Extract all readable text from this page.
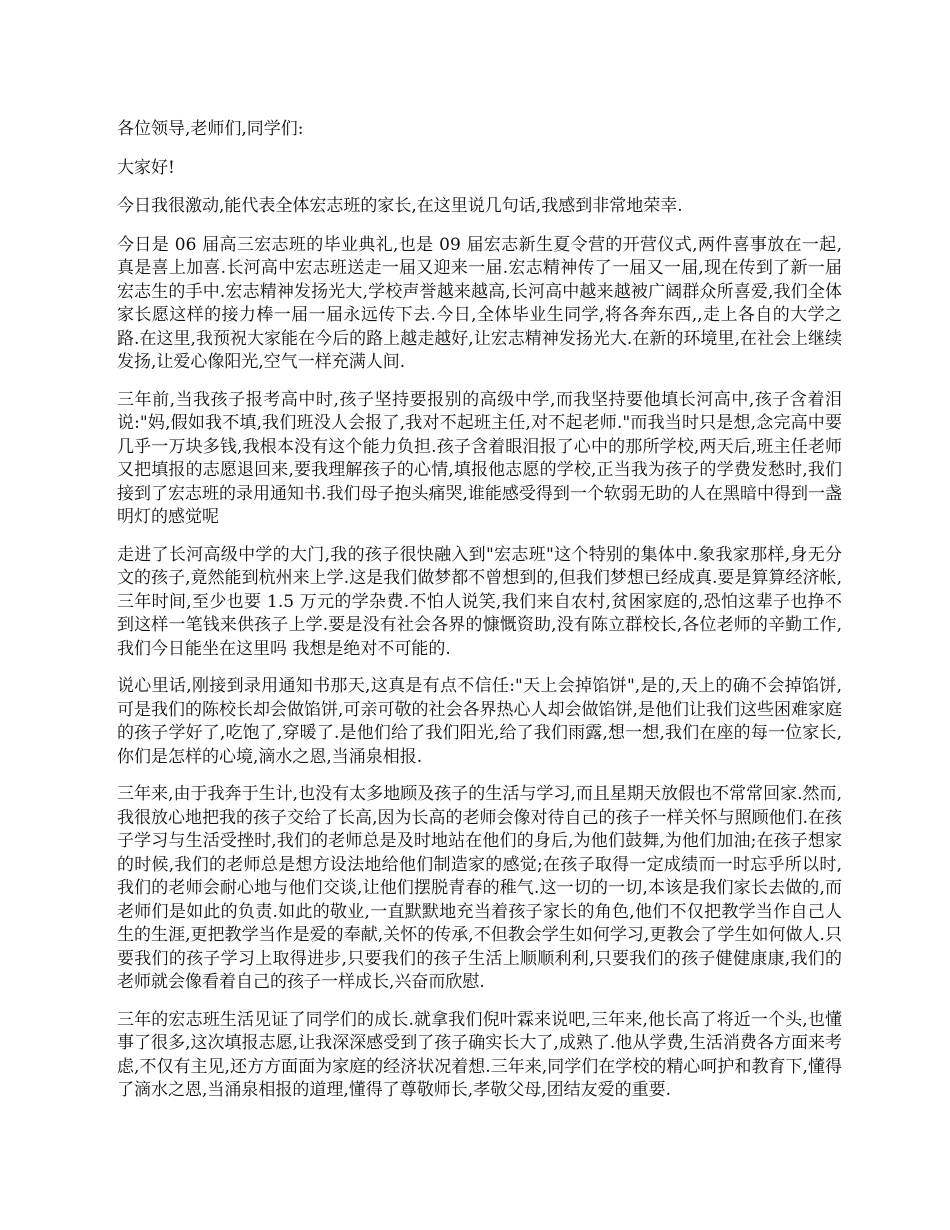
各位领导,老师们,同学们:

大家好!

今日我很激动,能代表全体宏志班的家长,在这里说几句话,我感到非常地荣幸.

今日是 06 届高三宏志班的毕业典礼,也是 09 届宏志新生夏令营的开营仪式,两件喜事放在一起,真是喜上加喜.长河高中宏志班送走一届又迎来一届.宏志精神传了一届又一届,现在传到了新一届宏志生的手中.宏志精神发扬光大,学校声誉越来越高,长河高中越来越被广阔群众所喜爱,我们全体家长愿这样的接力棒一届一届永远传下去.今日,全体毕业生同学,将各奔东西,,走上各自的大学之路.在这里,我预祝大家能在今后的路上越走越好,让宏志精神发扬光大.在新的环境里,在社会上继续发扬,让爱心像阳光,空气一样充满人间.

三年前,当我孩子报考高中时,孩子坚持要报别的高级中学,而我坚持要他填长河高中,孩子含着泪说:"妈,假如我不填,我们班没人会报了,我对不起班主任,对不起老师."而我当时只是想,念完高中要几乎一万块多钱,我根本没有这个能力负担.孩子含着眼泪报了心中的那所学校,两天后,班主任老师又把填报的志愿退回来,要我理解孩子的心情,填报他志愿的学校,正当我为孩子的学费发愁时,我们接到了宏志班的录用通知书.我们母子抱头痛哭,谁能感受得到一个软弱无助的人在黑暗中得到一盏明灯的感觉呢

走进了长河高级中学的大门,我的孩子很快融入到"宏志班"这个特别的集体中.象我家那样,身无分文的孩子,竟然能到杭州来上学.这是我们做梦都不曾想到的,但我们梦想已经成真.要是算算经济帐,三年时间,至少也要 1.5 万元的学杂费.不怕人说笑,我们来自农村,贫困家庭的,恐怕这辈子也挣不到这样一笔钱来供孩子上学.要是没有社会各界的慷慨资助,没有陈立群校长,各位老师的辛勤工作,我们今日能坐在这里吗 我想是绝对不可能的.

说心里话,刚接到录用通知书那天,这真是有点不信任:"天上会掉馅饼",是的,天上的确不会掉馅饼,可是我们的陈校长却会做馅饼,可亲可敬的社会各界热心人却会做馅饼,是他们让我们这些困难家庭的孩子学好了,吃饱了,穿暖了.是他们给了我们阳光,给了我们雨露,想一想,我们在座的每一位家长,你们是怎样的心境,滴水之恩,当涌泉相报.

三年来,由于我奔于生计,也没有太多地顾及孩子的生活与学习,而且星期天放假也不常常回家.然而,我很放心地把我的孩子交给了长高,因为长高的老师会像对待自己的孩子一样关怀与照顾他们.在孩子学习与生活受挫时,我们的老师总是及时地站在他们的身后,为他们鼓舞,为他们加油;在孩子想家的时候,我们的老师总是想方设法地给他们制造家的感觉;在孩子取得一定成绩而一时忘乎所以时,我们的老师会耐心地与他们交谈,让他们摆脱青春的稚气.这一切的一切,本该是我们家长去做的,而老师们是如此的负责.如此的敬业,一直默默地充当着孩子家长的角色,他们不仅把教学当作自己人生的生涯,更把教学当作是爱的奉献,关怀的传承,不但教会学生如何学习,更教会了学生如何做人.只要我们的孩子学习上取得进步,只要我们的孩子生活上顺顺利利,只要我们的孩子健健康康,我们的老师就会像看着自己的孩子一样成长,兴奋而欣慰.

三年的宏志班生活见证了同学们的成长.就拿我们倪叶霖来说吧,三年来,他长高了将近一个头,也懂事了很多,这次填报志愿,让我深深感受到了孩子确实长大了,成熟了.他从学费,生活消费各方面来考虑,不仅有主见,还方方面面为家庭的经济状况着想.三年来,同学们在学校的精心呵护和教育下,懂得了滴水之恩,当涌泉相报的道理,懂得了尊敬师长,孝敬父母,团结友爱的重要.
